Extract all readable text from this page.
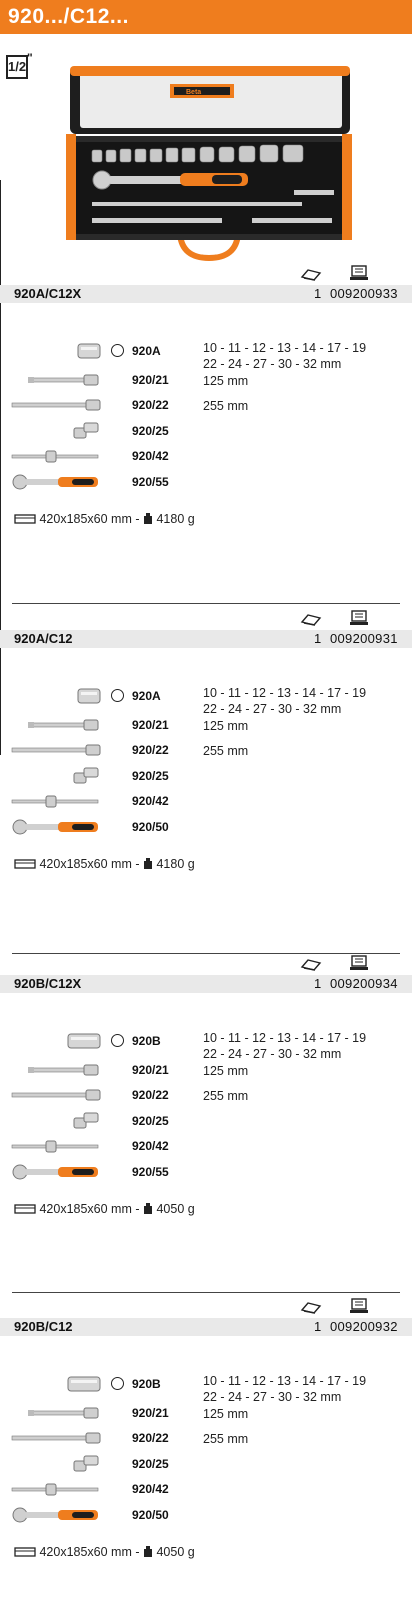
920.../C12...
1/2
"
Beta
920A/C12X	1 009200933
920A	10 - 11 - 12 - 13 - 14 - 17 - 19
22 - 24 - 27 - 30 - 32 mm
920/21	125 mm
920/22	255 mm
920/25
920/42
920/55
420x185x60 mm -  4180 g
920A/C12	1 009200931
920A	10 - 11 - 12 - 13 - 14 - 17 - 19
22 - 24 - 27 - 30 - 32 mm
920/21	125 mm
920/22	255 mm
920/25
920/42
920/50
420x185x60 mm -  4180 g
920B/C12X	1 009200934
920B	10 - 11 - 12 - 13 - 14 - 17 - 19
22 - 24 - 27 - 30 - 32 mm
920/21	125 mm
920/22	255 mm
920/25
920/42
920/55
420x185x60 mm -  4050 g
920B/C12	1 009200932
920B	10 - 11 - 12 - 13 - 14 - 17 - 19
22 - 24 - 27 - 30 - 32 mm
920/21	125 mm
920/22	255 mm
920/25
920/42
920/50
420x185x60 mm -  4050 g
